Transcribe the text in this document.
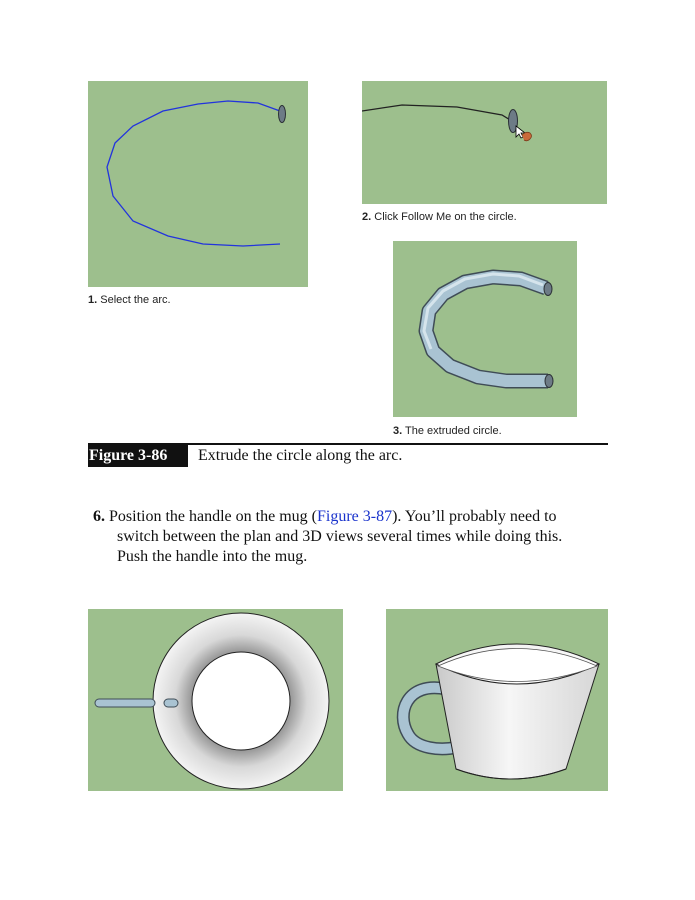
1. Select the arc.
2. Click Follow Me on the circle.
3. The extruded circle.
Figure 3-86	Extrude the circle along the arc.
6. Position the handle on the mug (Figure 3-87). You’ll probably need to
switch between the plan and 3D views several times while doing this.
Push the handle into the mug.
